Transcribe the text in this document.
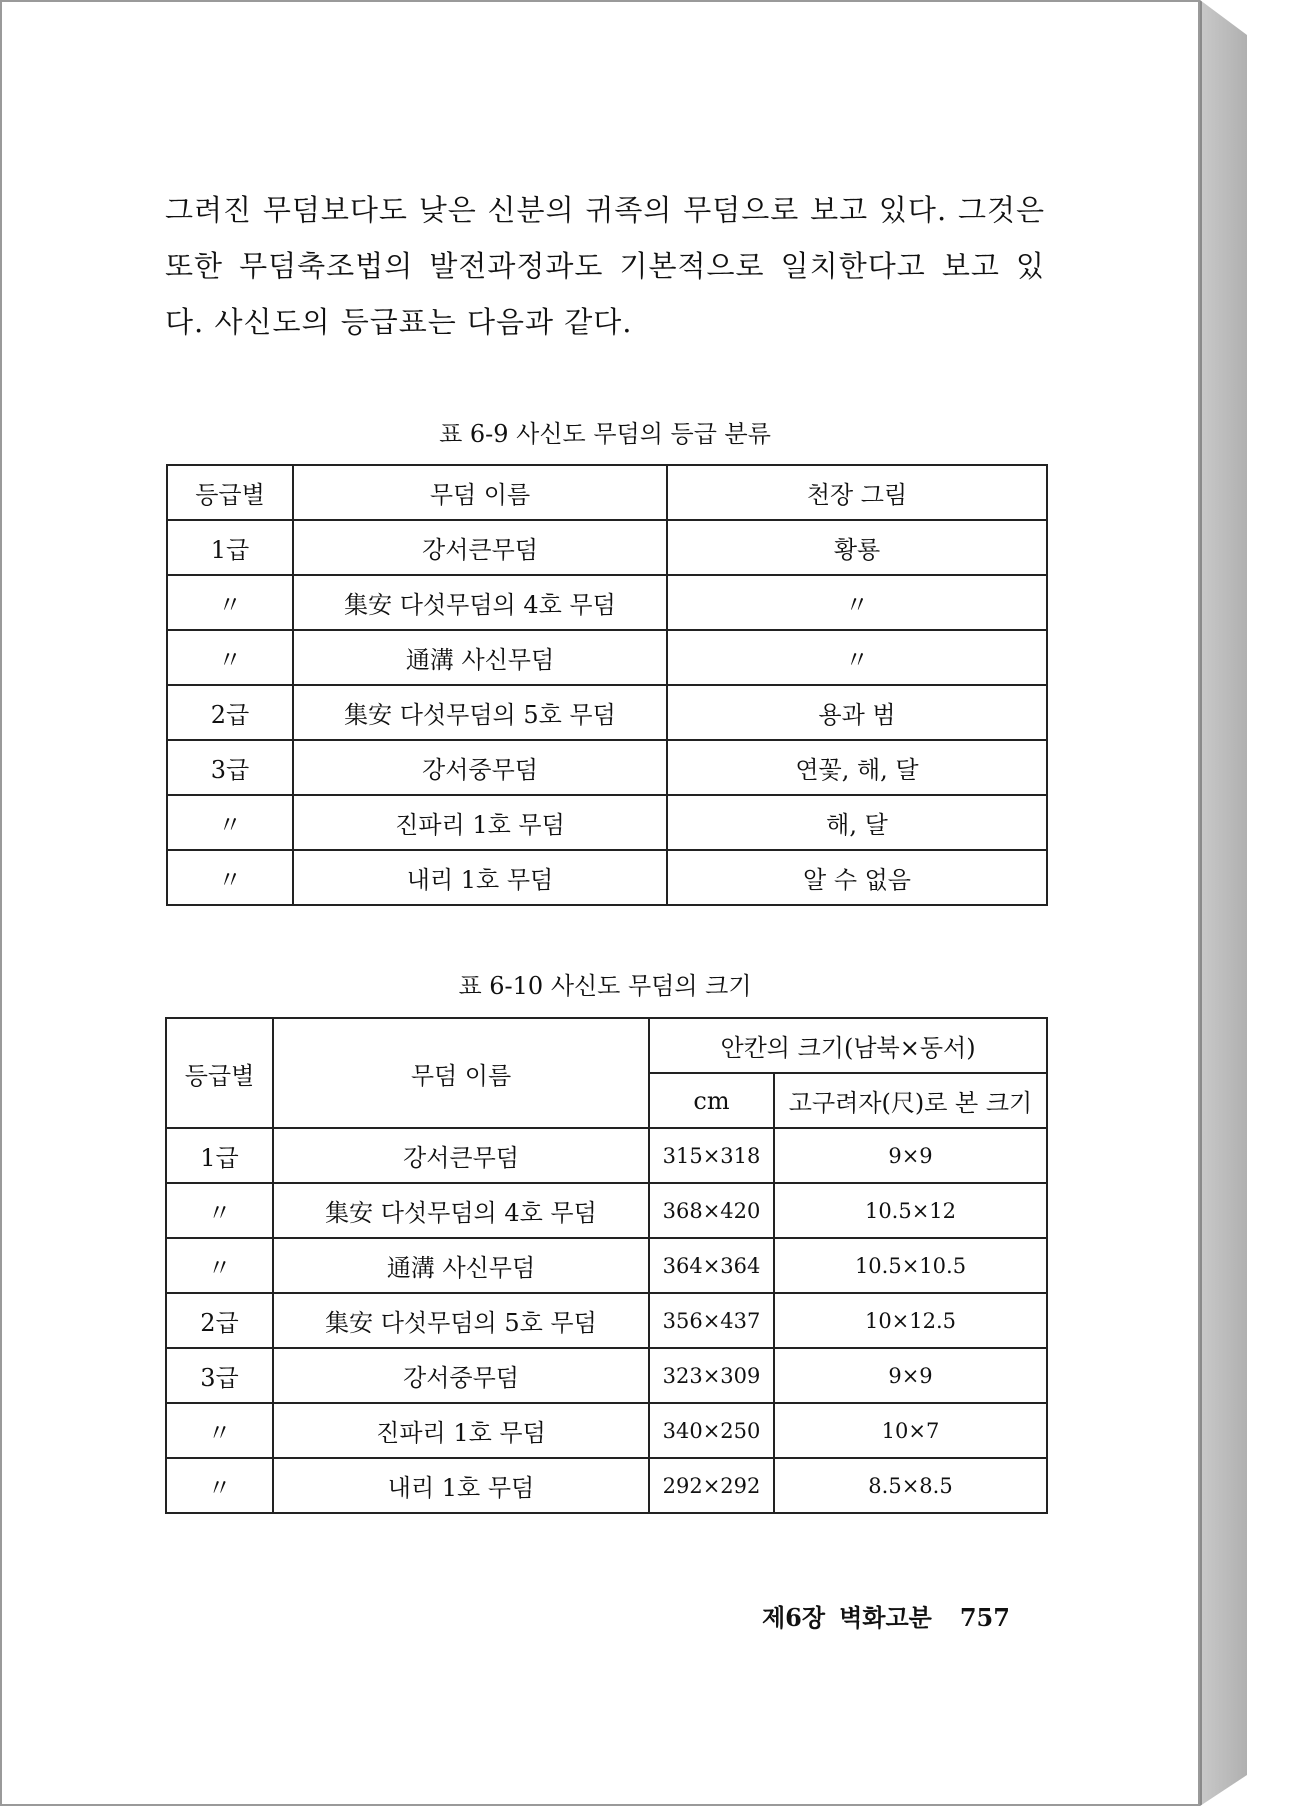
그려진 무덤보다도 낮은 신분의 귀족의 무덤으로 보고 있다. 그것은 또한 무덤축조법의 발전과정과도 기본적으로 일치한다고 보고 있다. 사신도의 등급표는 다음과 같다.

표 6-9 사신도 무덤의 등급 분류

등급별	무덤 이름	천장 그림
1급	강서큰무덤	황룡
〃	集安 다섯무덤의 4호 무덤	〃
〃	通溝 사신무덤	〃
2급	集安 다섯무덤의 5호 무덤	용과 범
3급	강서중무덤	연꽃, 해, 달
〃	진파리 1호 무덤	해, 달
〃	내리 1호 무덤	알 수 없음

표 6-10 사신도 무덤의 크기

등급별	무덤 이름	안칸의 크기(남북×동서)	
		cm	고구려자(尺)로 본 크기
1급	강서큰무덤	315×318	9×9
〃	集安 다섯무덤의 4호 무덤	368×420	10.5×12
〃	通溝 사신무덤	364×364	10.5×10.5
2급	集安 다섯무덤의 5호 무덤	356×437	10×12.5
3급	강서중무덤	323×309	9×9
〃	진파리 1호 무덤	340×250	10×7
〃	내리 1호 무덤	292×292	8.5×8.5
제6장 벽화고분 757
